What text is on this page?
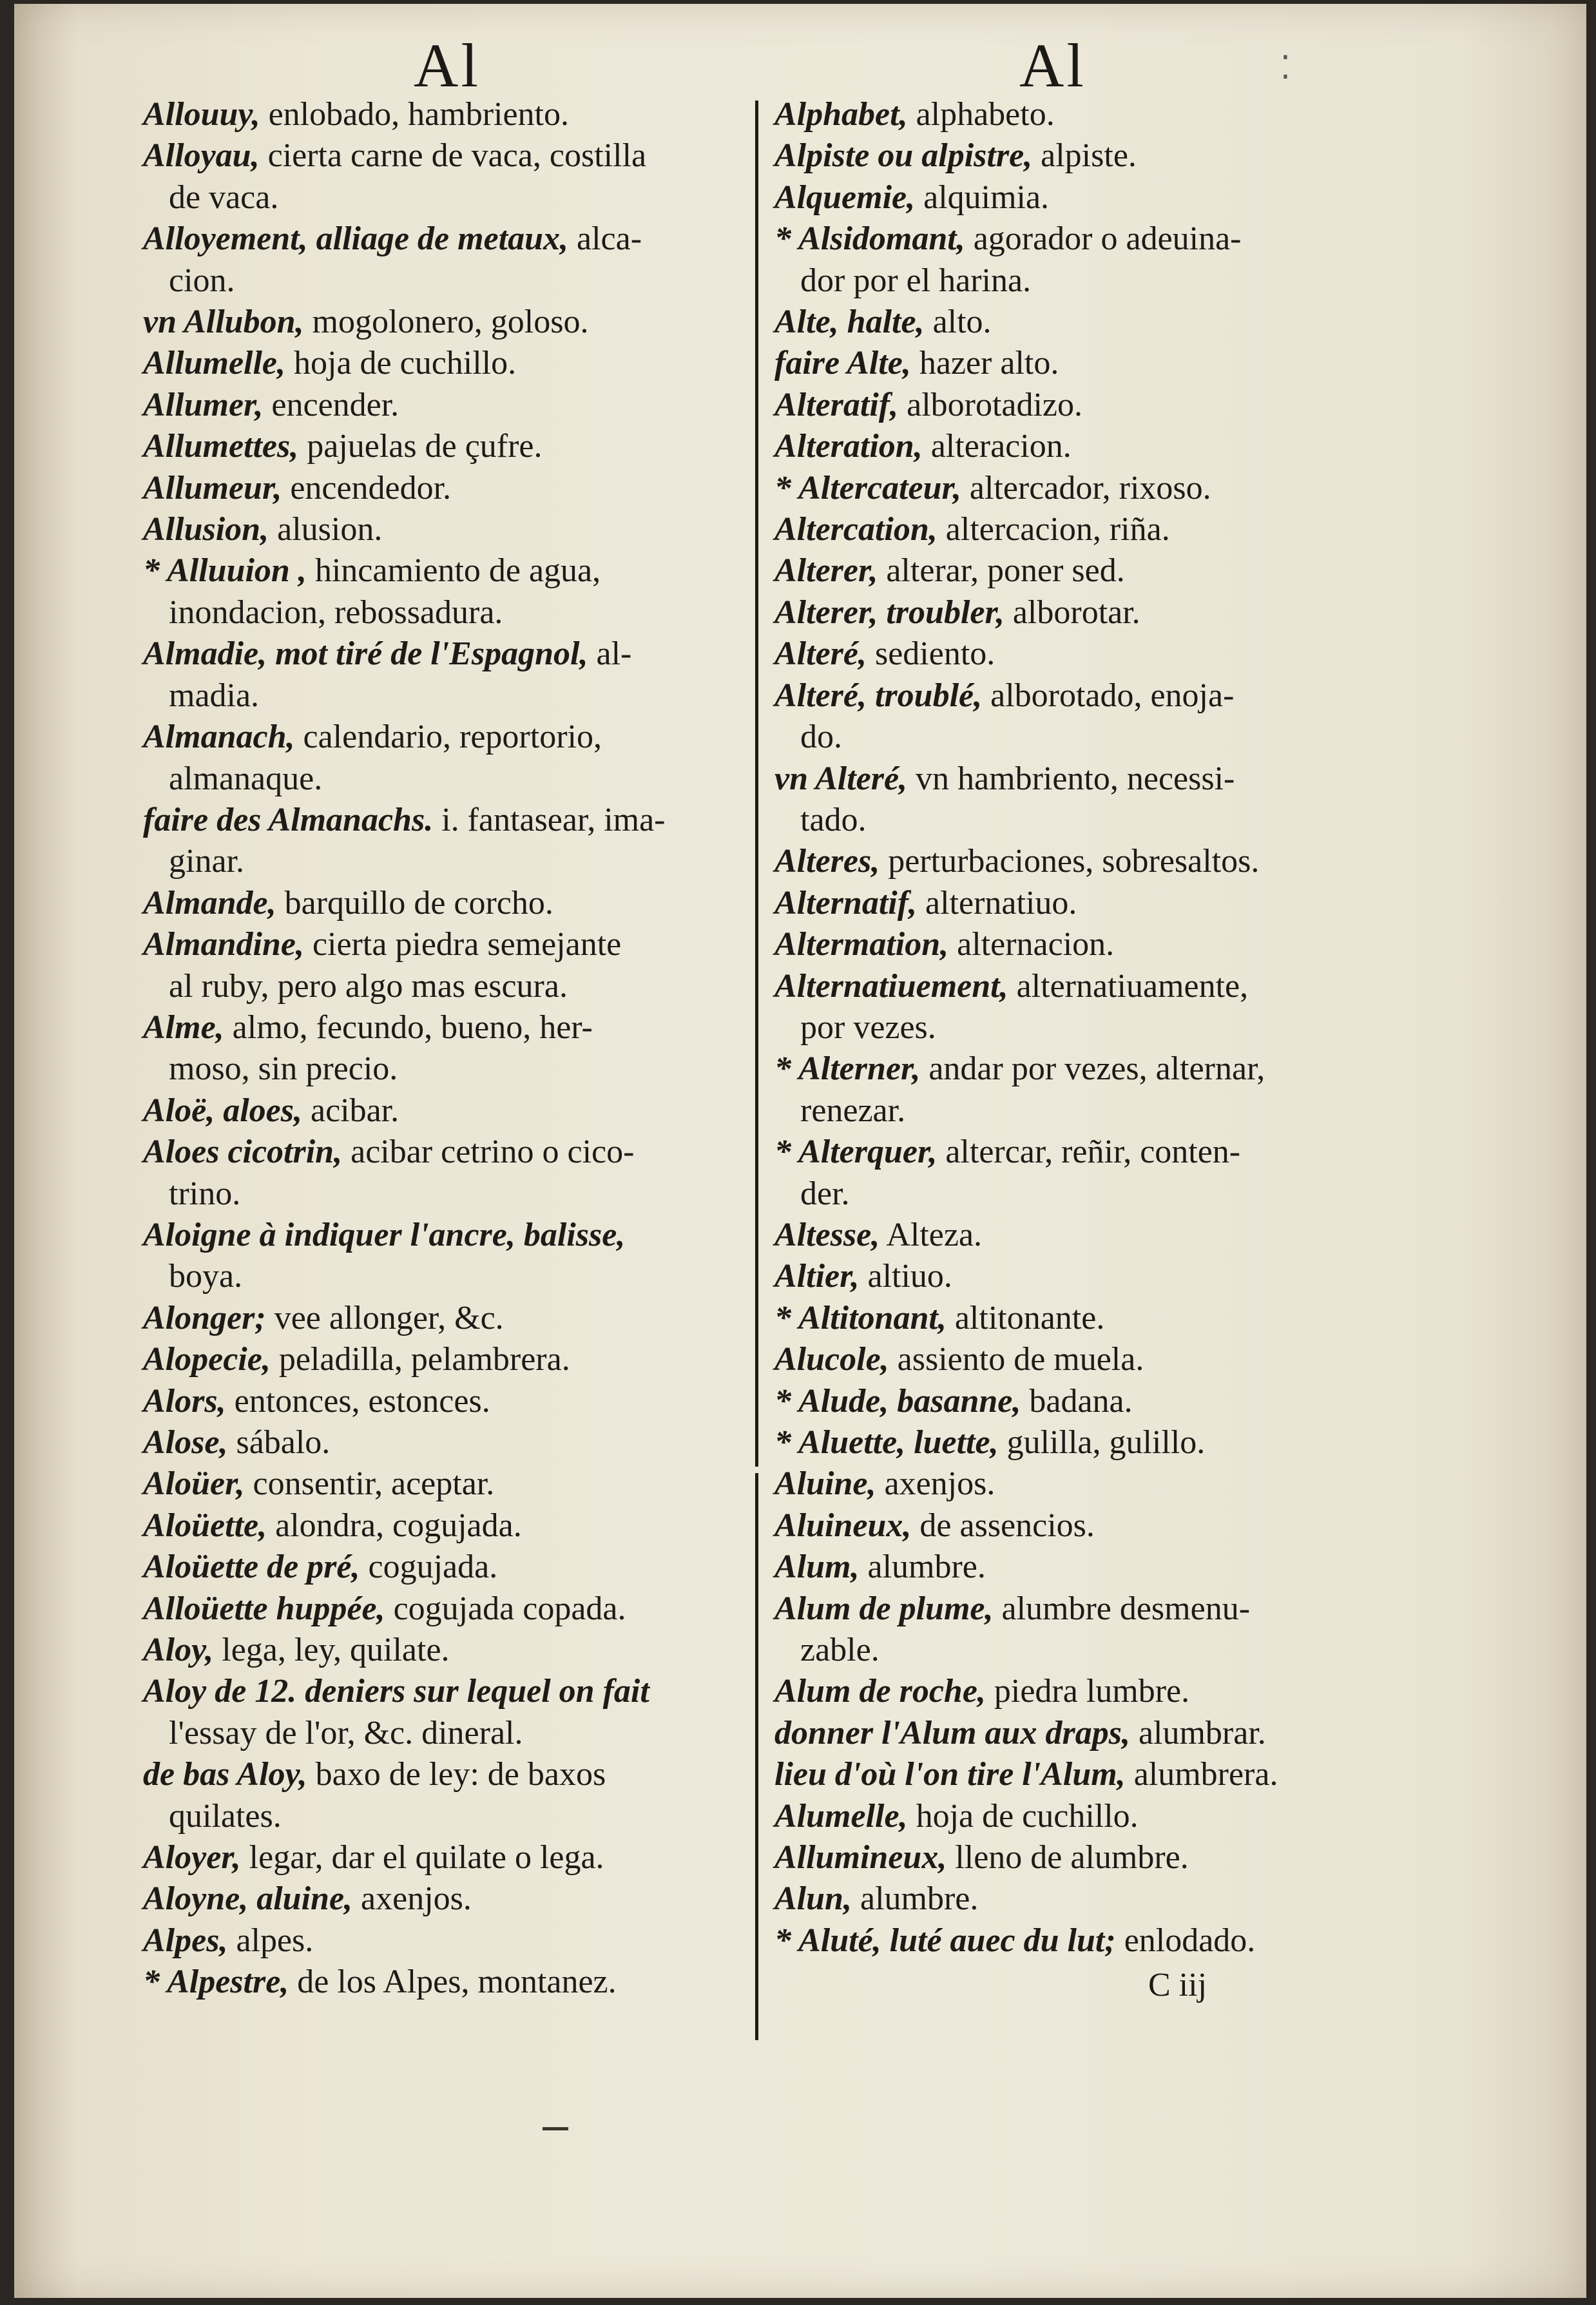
Al	Al	⁚
Allouuy, enlobado, hambriento.
Alloyau, cierta carne de vaca, costilla
de vaca.
Alloyement, alliage de metaux, alca-
cion.
vn Allubon, mogolonero, goloso.
Allumelle, hoja de cuchillo.
Allumer, encender.
Allumettes, pajuelas de çufre.
Allumeur, encendedor.
Allusion, alusion.
* Alluuion , hincamiento de agua,
inondacion, rebossadura.
Almadie, mot tiré de l'Espagnol, al-
madia.
Almanach, calendario, reportorio,
almanaque.
faire des Almanachs. i. fantasear, ima-
ginar.
Almande, barquillo de corcho.
Almandine, cierta piedra semejante
al ruby, pero algo mas escura.
Alme, almo, fecundo, bueno, her-
moso, sin precio.
Aloë, aloes, acibar.
Aloes cicotrin, acibar cetrino o cico-
trino.
Aloigne à indiquer l'ancre, balisse,
boya.
Alonger; vee allonger, &c.
Alopecie, peladilla, pelambrera.
Alors, entonces, estonces.
Alose, sábalo.
Aloüer, consentir, aceptar.
Aloüette, alondra, cogujada.
Aloüette de pré, cogujada.
Alloüette huppée, cogujada copada.
Aloy, lega, ley, quilate.
Aloy de 12. deniers sur lequel on fait
l'essay de l'or, &c. dineral.
de bas Aloy, baxo de ley: de baxos
quilates.
Aloyer, legar, dar el quilate o lega.
Aloyne, aluine, axenjos.
Alpes, alpes.
* Alpestre, de los Alpes, montanez.
Alphabet, alphabeto.
Alpiste ou alpistre, alpiste.
Alquemie, alquimia.
* Alsidomant, agorador o adeuina-
dor por el harina.
Alte, halte, alto.
faire Alte, hazer alto.
Alteratif, alborotadizo.
Alteration, alteracion.
* Altercateur, altercador, rixoso.
Altercation, altercacion, riña.
Alterer, alterar, poner sed.
Alterer, troubler, alborotar.
Alteré, sediento.
Alteré, troublé, alborotado, enoja-
do.
vn Alteré, vn hambriento, necessi-
tado.
Alteres, perturbaciones, sobresaltos.
Alternatif, alternatiuo.
Altermation, alternacion.
Alternatiuement, alternatiuamente,
por vezes.
* Alterner, andar por vezes, alternar,
renezar.
* Alterquer, altercar, reñir, conten-
der.
Altesse, Alteza.
Altier, altiuo.
* Altitonant, altitonante.
Alucole, assiento de muela.
* Alude, basanne, badana.
* Aluette, luette, gulilla, gulillo.
Aluine, axenjos.
Aluineux, de assencios.
Alum, alumbre.
Alum de plume, alumbre desmenu-
zable.
Alum de roche, piedra lumbre.
donner l'Alum aux draps, alumbrar.
lieu d'où l'on tire l'Alum, alumbrera.
Alumelle, hoja de cuchillo.
Allumineux, lleno de alumbre.
Alun, alumbre.
* Aluté, luté auec du lut; enlodado.
C iij
